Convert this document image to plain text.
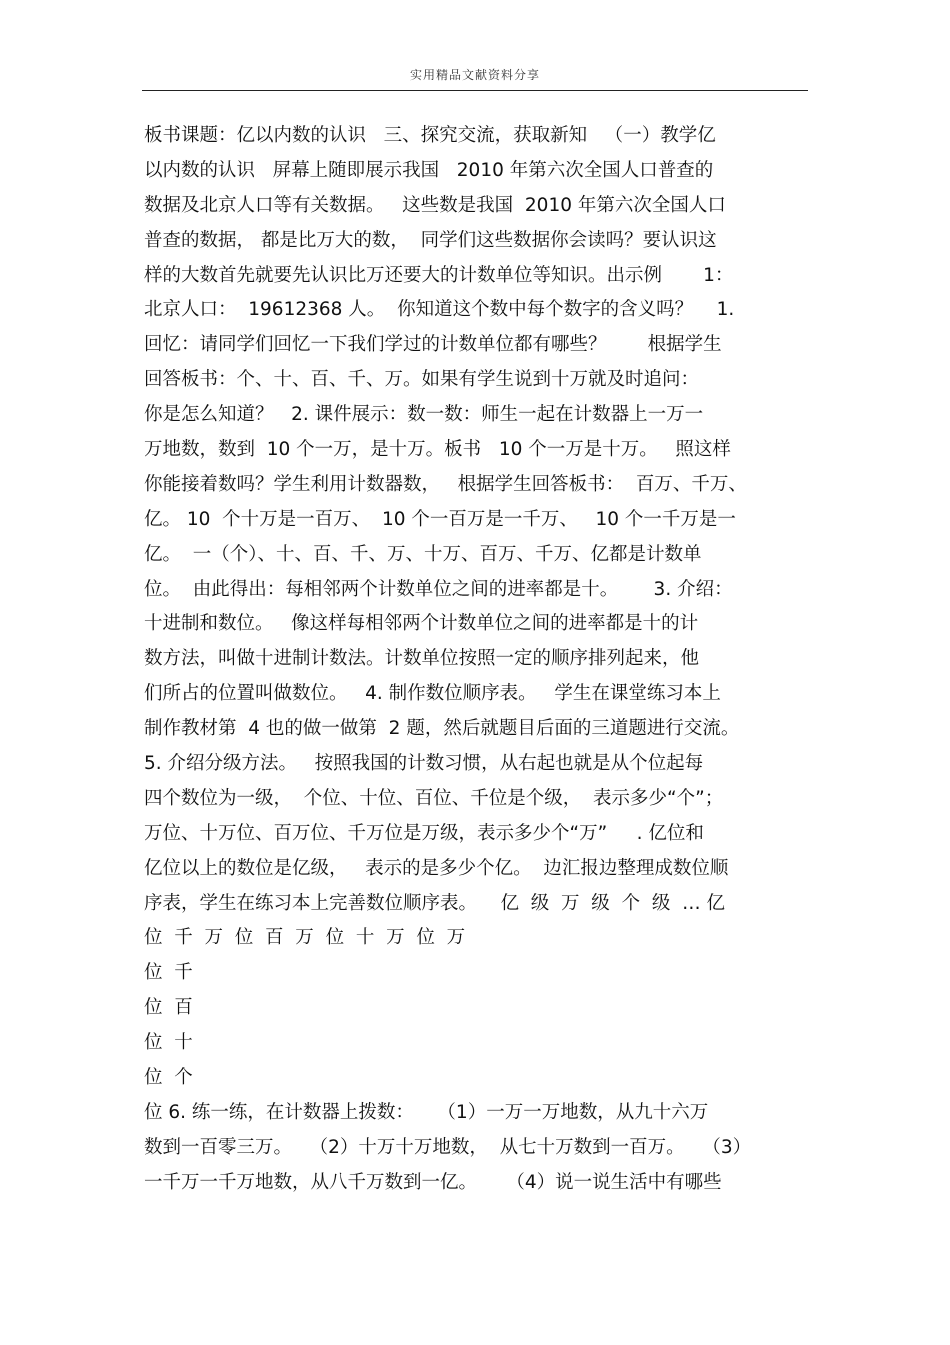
实用精品文献资料分享
板书课题：亿以内数的认识   三、探究交流，获取新知   （一）教学亿
以内数的认识   屏幕上随即展示我国   2010 年第六次全国人口普查的
数据及北京人口等有关数据。   这些数是我国  2010 年第六次全国人口
普查的数据， 都是比万大的数，  同学们这些数据你会读吗？要认识这
样的大数首先就要先认识比万还要大的计数单位等知识。出示例       1：
北京人口：  19612368 人。  你知道这个数中每个数字的含义吗？    1.
回忆：请同学们回忆一下我们学过的计数单位都有哪些？       根据学生
回答板书：个、十、百、千、万。如果有学生说到十万就及时追问：
你是怎么知道？   2. 课件展示：数一数：师生一起在计数器上一万一
万地数，数到  10 个一万，是十万。板书   10 个一万是十万。   照这样
你能接着数吗？学生利用计数器数，   根据学生回答板书：  百万、千万、
亿。 10  个十万是一百万、  10 个一百万是一千万、   10 个一千万是一
亿。  一（个）、十、百、千、万、十万、百万、千万、亿都是计数单
位。  由此得出：每相邻两个计数单位之间的进率都是十。      3. 介绍：
十进制和数位。   像这样每相邻两个计数单位之间的进率都是十的计
数方法，叫做十进制计数法。计数单位按照一定的顺序排列起来，他
们所占的位置叫做数位。   4. 制作数位顺序表。   学生在课堂练习本上
制作教材第  4 也的做一做第  2 题，然后就题目后面的三道题进行交流。
5. 介绍分级方法。   按照我国的计数习惯，从右起也就是从个位起每
四个数位为一级，  个位、十位、百位、千位是个级，  表示多少“个”；
万位、十万位、百万位、千万位是万级，表示多少个“万”     . 亿位和
亿位以上的数位是亿级，   表示的是多少个亿。  边汇报边整理成数位顺
序表，学生在练习本上完善数位顺序表。    亿  级  万  级  个  级  … 亿
位  千  万  位  百  万  位  十  万  位  万
位  千
位  百
位  十
位  个
位 6. 练一练，在计数器上拨数：    （1）一万一万地数，从九十六万
数到一百零三万。   （2）十万十万地数，  从七十万数到一百万。   （3）
一千万一千万地数，从八千万数到一亿。     （4）说一说生活中有哪些
